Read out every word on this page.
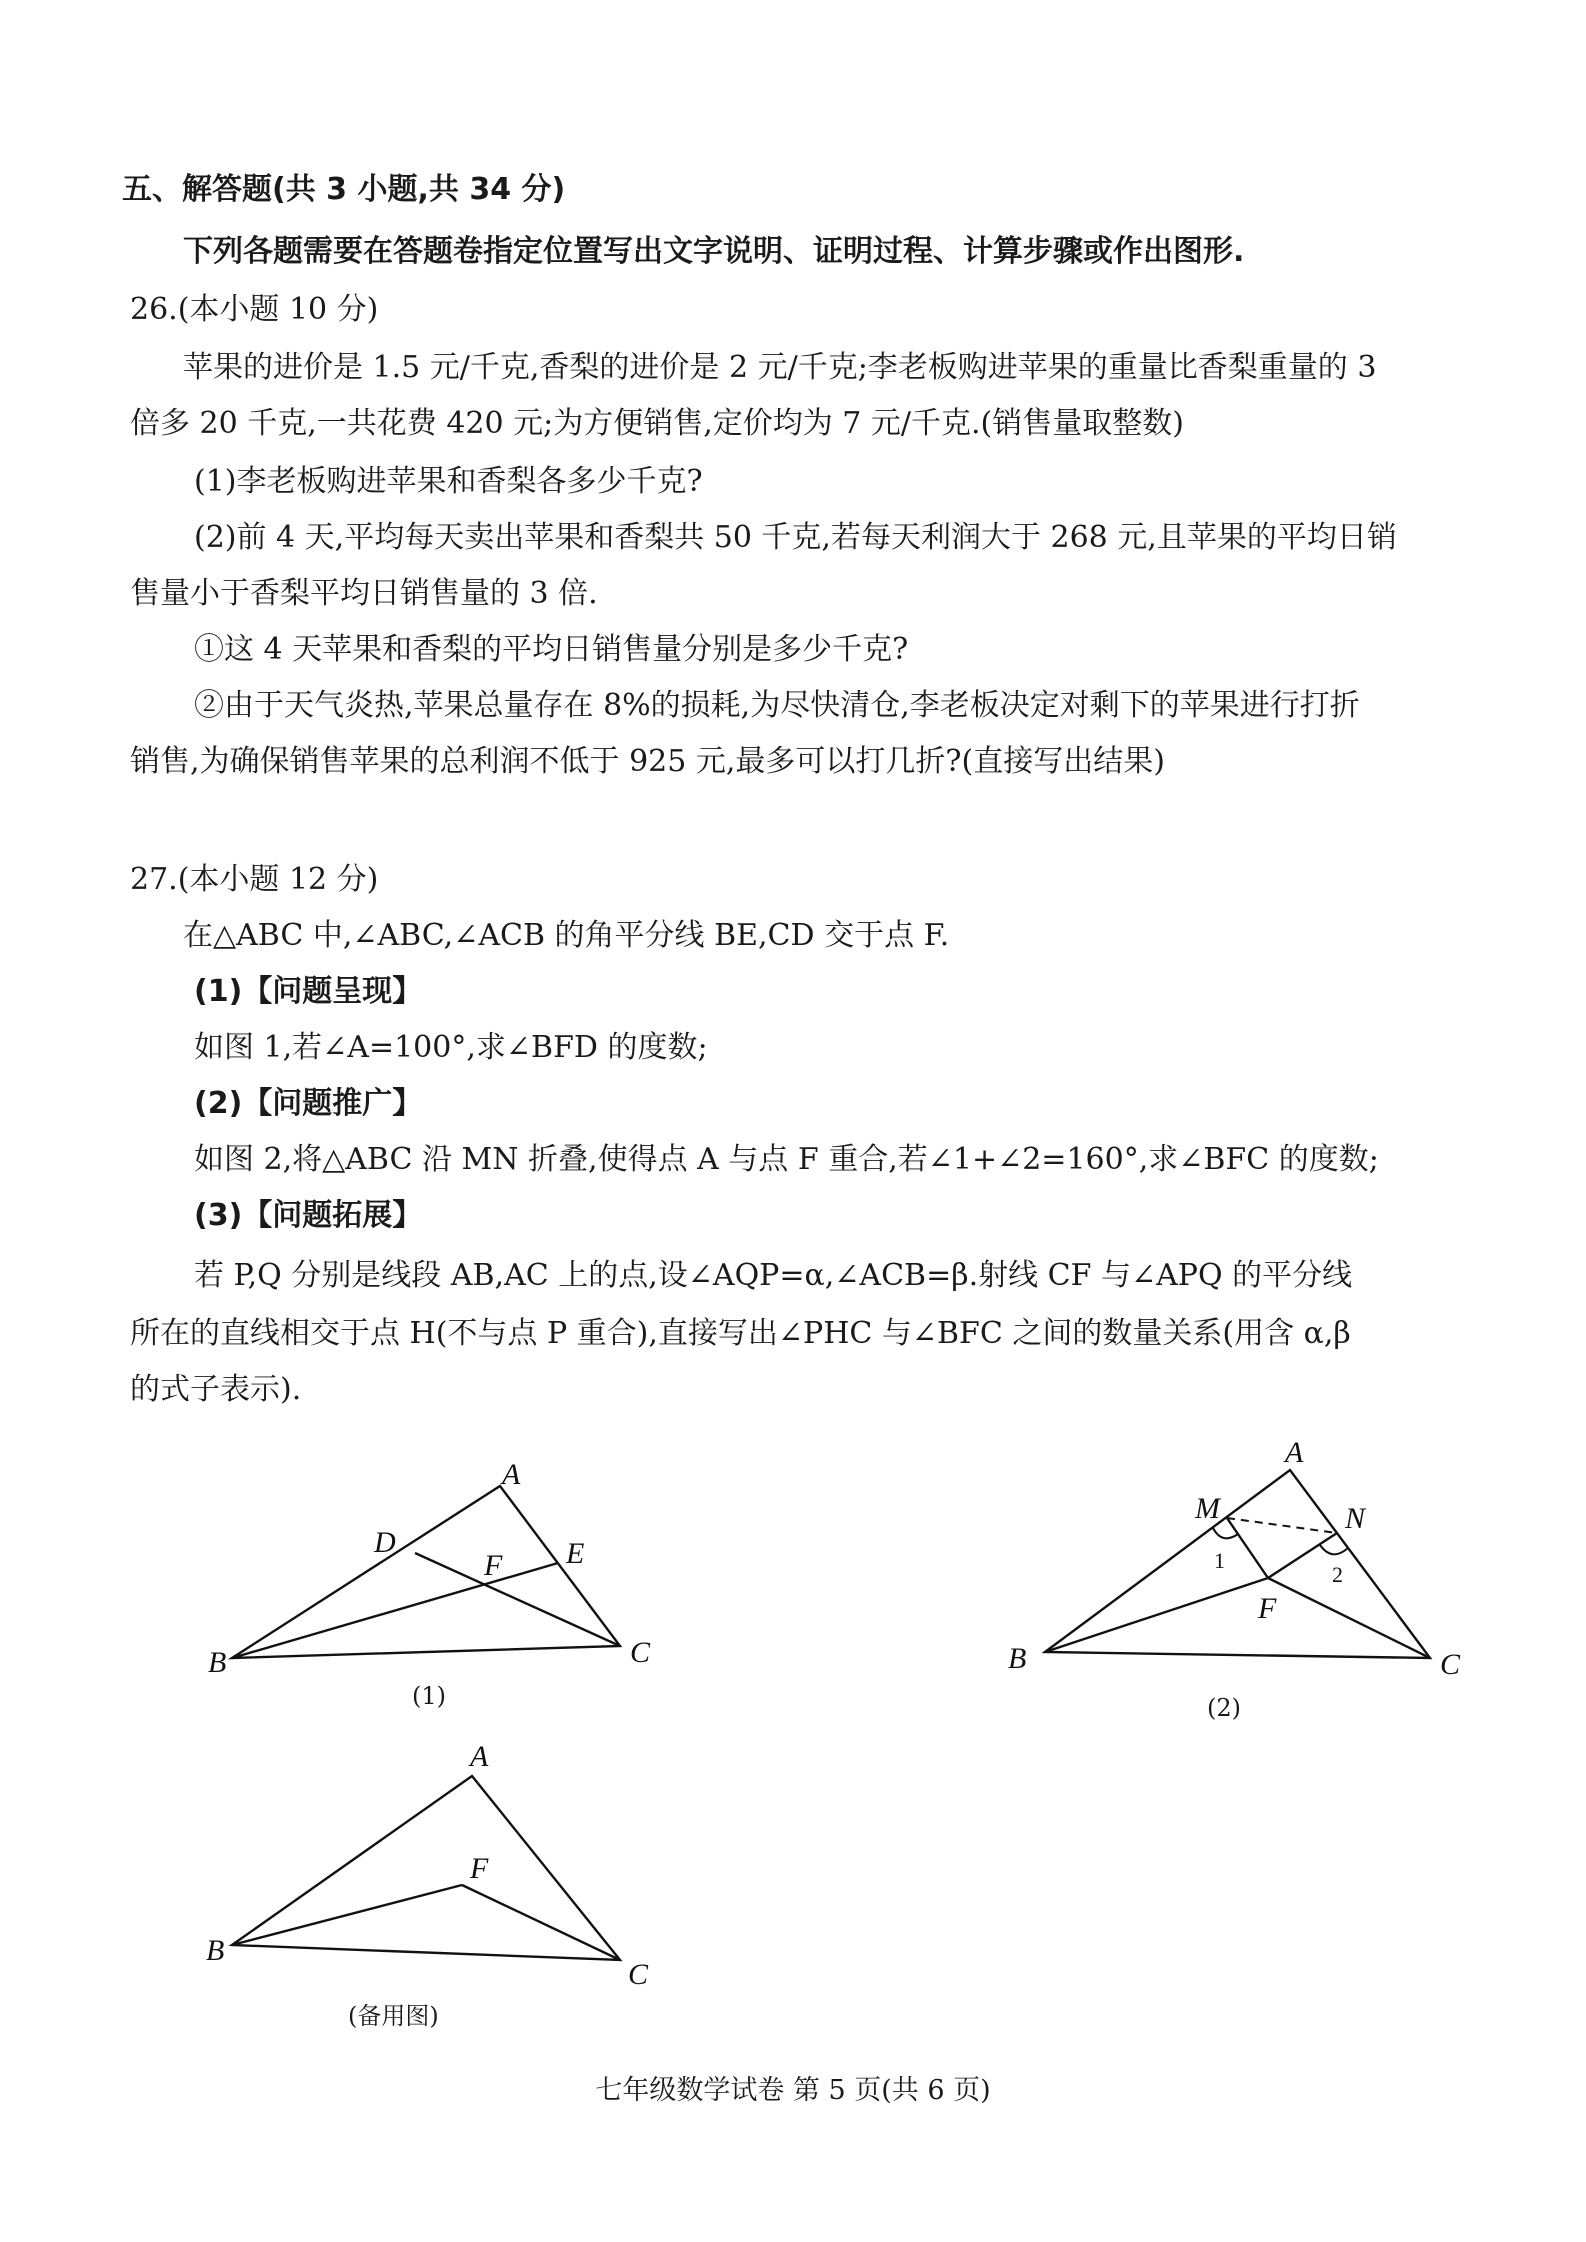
五、解答题(共 3 小题,共 34 分)
下列各题需要在答题卷指定位置写出文字说明、证明过程、计算步骤或作出图形.
26.(本小题 10 分)
苹果的进价是 1.5 元/千克,香梨的进价是 2 元/千克;李老板购进苹果的重量比香梨重量的 3
倍多 20 千克,一共花费 420 元;为方便销售,定价均为 7 元/千克.(销售量取整数)
(1)李老板购进苹果和香梨各多少千克?
(2)前 4 天,平均每天卖出苹果和香梨共 50 千克,若每天利润大于 268 元,且苹果的平均日销
售量小于香梨平均日销售量的 3 倍.
①这 4 天苹果和香梨的平均日销售量分别是多少千克?
②由于天气炎热,苹果总量存在 8%的损耗,为尽快清仓,李老板决定对剩下的苹果进行打折
销售,为确保销售苹果的总利润不低于 925 元,最多可以打几折?(直接写出结果)
27.(本小题 12 分)
在△ABC 中,∠ABC,∠ACB 的角平分线 BE,CD 交于点 F.
(1)【问题呈现】
如图 1,若∠A=100°,求∠BFD 的度数;
(2)【问题推广】
如图 2,将△ABC 沿 MN 折叠,使得点 A 与点 F 重合,若∠1+∠2=160°,求∠BFC 的度数;
(3)【问题拓展】
若 P,Q 分别是线段 AB,AC 上的点,设∠AQP=α,∠ACB=β.射线 CF 与∠APQ 的平分线
所在的直线相交于点 H(不与点 P 重合),直接写出∠PHC 与∠BFC 之间的数量关系(用含 α,β
的式子表示).
A
B	C
D	E
F
(1)
A
B	C
M	N
F
1
2
(2)
A
B
C
F
(备用图)
七年级数学试卷 第 5 页(共 6 页)
